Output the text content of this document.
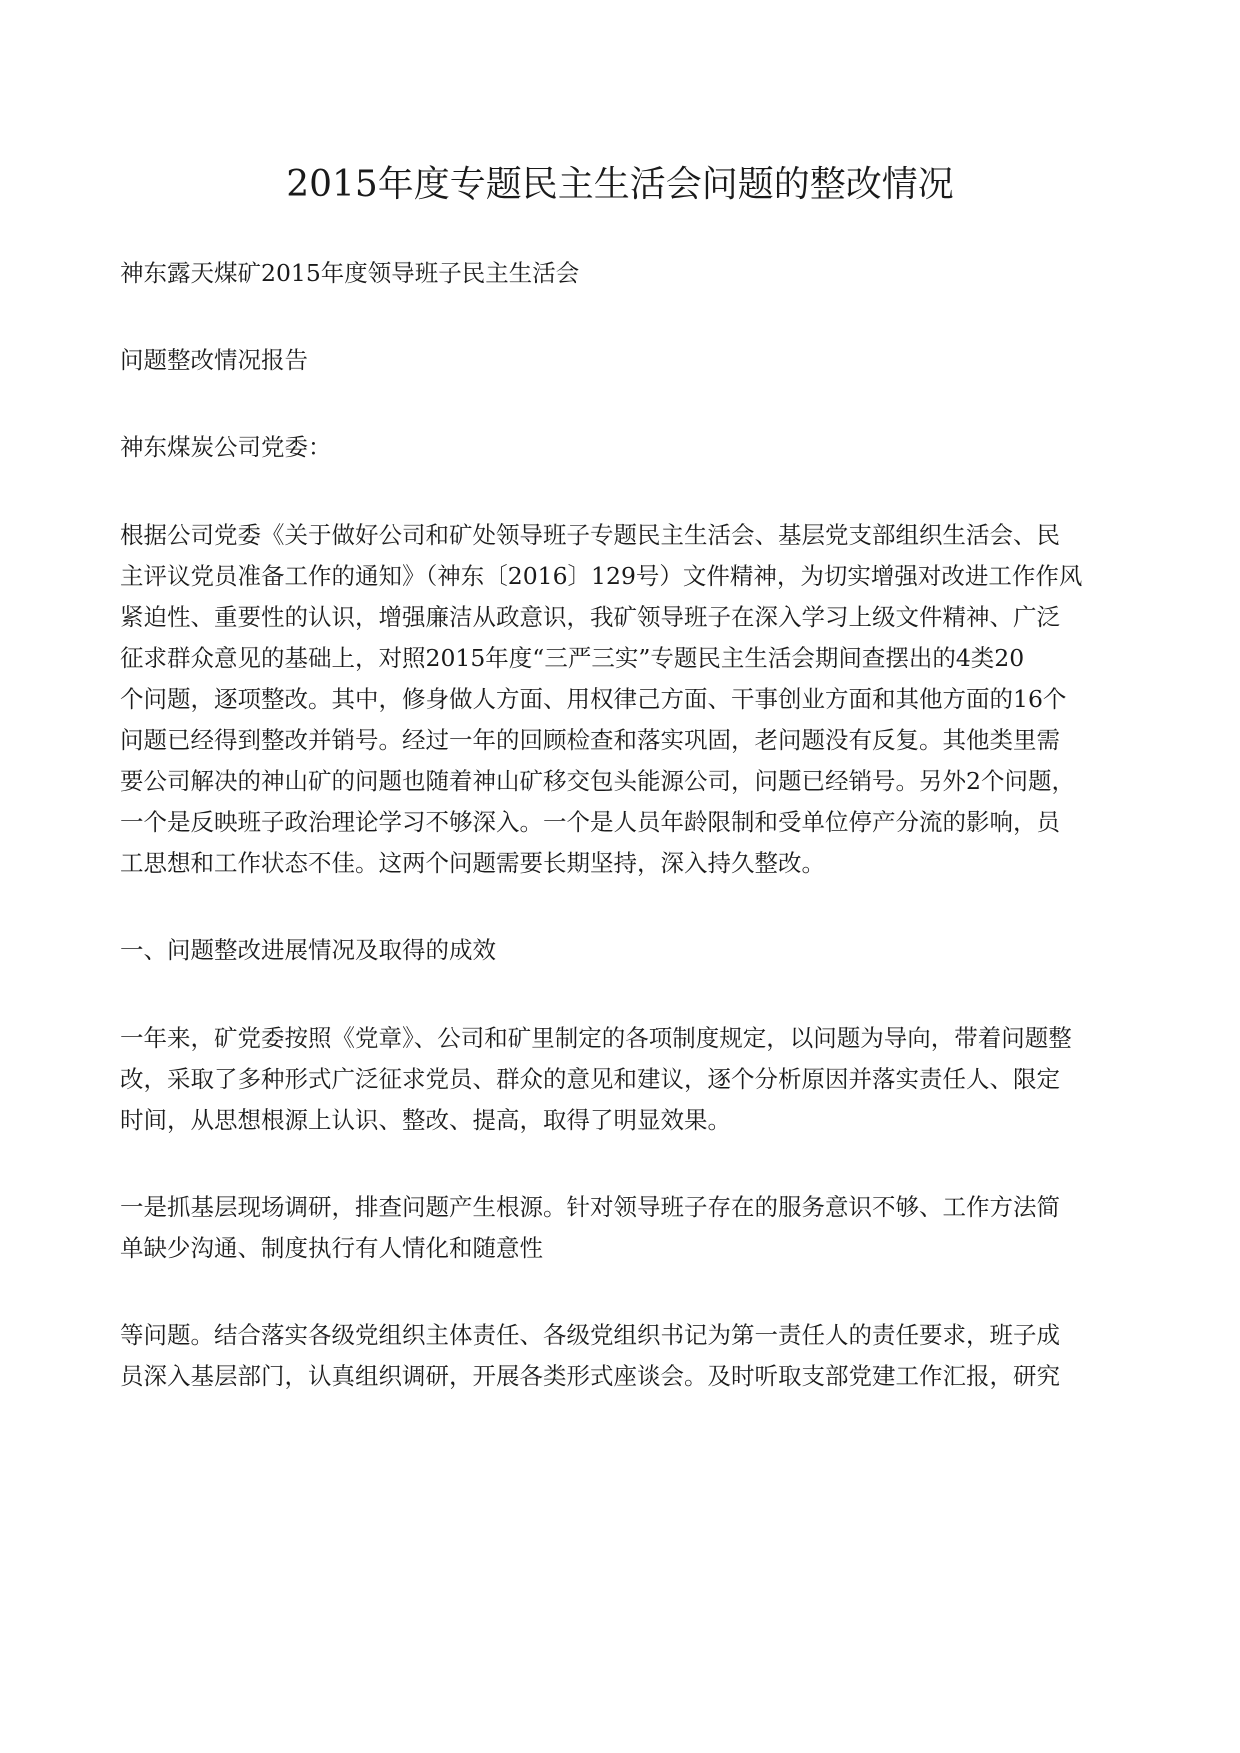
2015年度专题民主生活会问题的整改情况
神东露天煤矿2015年度领导班子民主生活会
问题整改情况报告
神东煤炭公司党委：
根据公司党委《关于做好公司和矿处领导班子专题民主生活会、基层党支部组织生活会、民
主评议党员准备工作的通知》（神东〔2016〕129号）文件精神，为切实增强对改进工作作风
紧迫性、重要性的认识，增强廉洁从政意识，我矿领导班子在深入学习上级文件精神、广泛
征求群众意见的基础上，对照2015年度“三严三实”专题民主生活会期间查摆出的4类20
个问题，逐项整改。其中，修身做人方面、用权律己方面、干事创业方面和其他方面的16个
问题已经得到整改并销号。经过一年的回顾检查和落实巩固，老问题没有反复。其他类里需
要公司解决的神山矿的问题也随着神山矿移交包头能源公司，问题已经销号。另外2个问题，
一个是反映班子政治理论学习不够深入。一个是人员年龄限制和受单位停产分流的影响，员
工思想和工作状态不佳。这两个问题需要长期坚持，深入持久整改。
一、问题整改进展情况及取得的成效
一年来，矿党委按照《党章》、公司和矿里制定的各项制度规定，以问题为导向，带着问题整
改，采取了多种形式广泛征求党员、群众的意见和建议，逐个分析原因并落实责任人、限定
时间，从思想根源上认识、整改、提高，取得了明显效果。
一是抓基层现场调研，排查问题产生根源。针对领导班子存在的服务意识不够、工作方法简
单缺少沟通、制度执行有人情化和随意性
等问题。结合落实各级党组织主体责任、各级党组织书记为第一责任人的责任要求，班子成
员深入基层部门，认真组织调研，开展各类形式座谈会。及时听取支部党建工作汇报，研究
